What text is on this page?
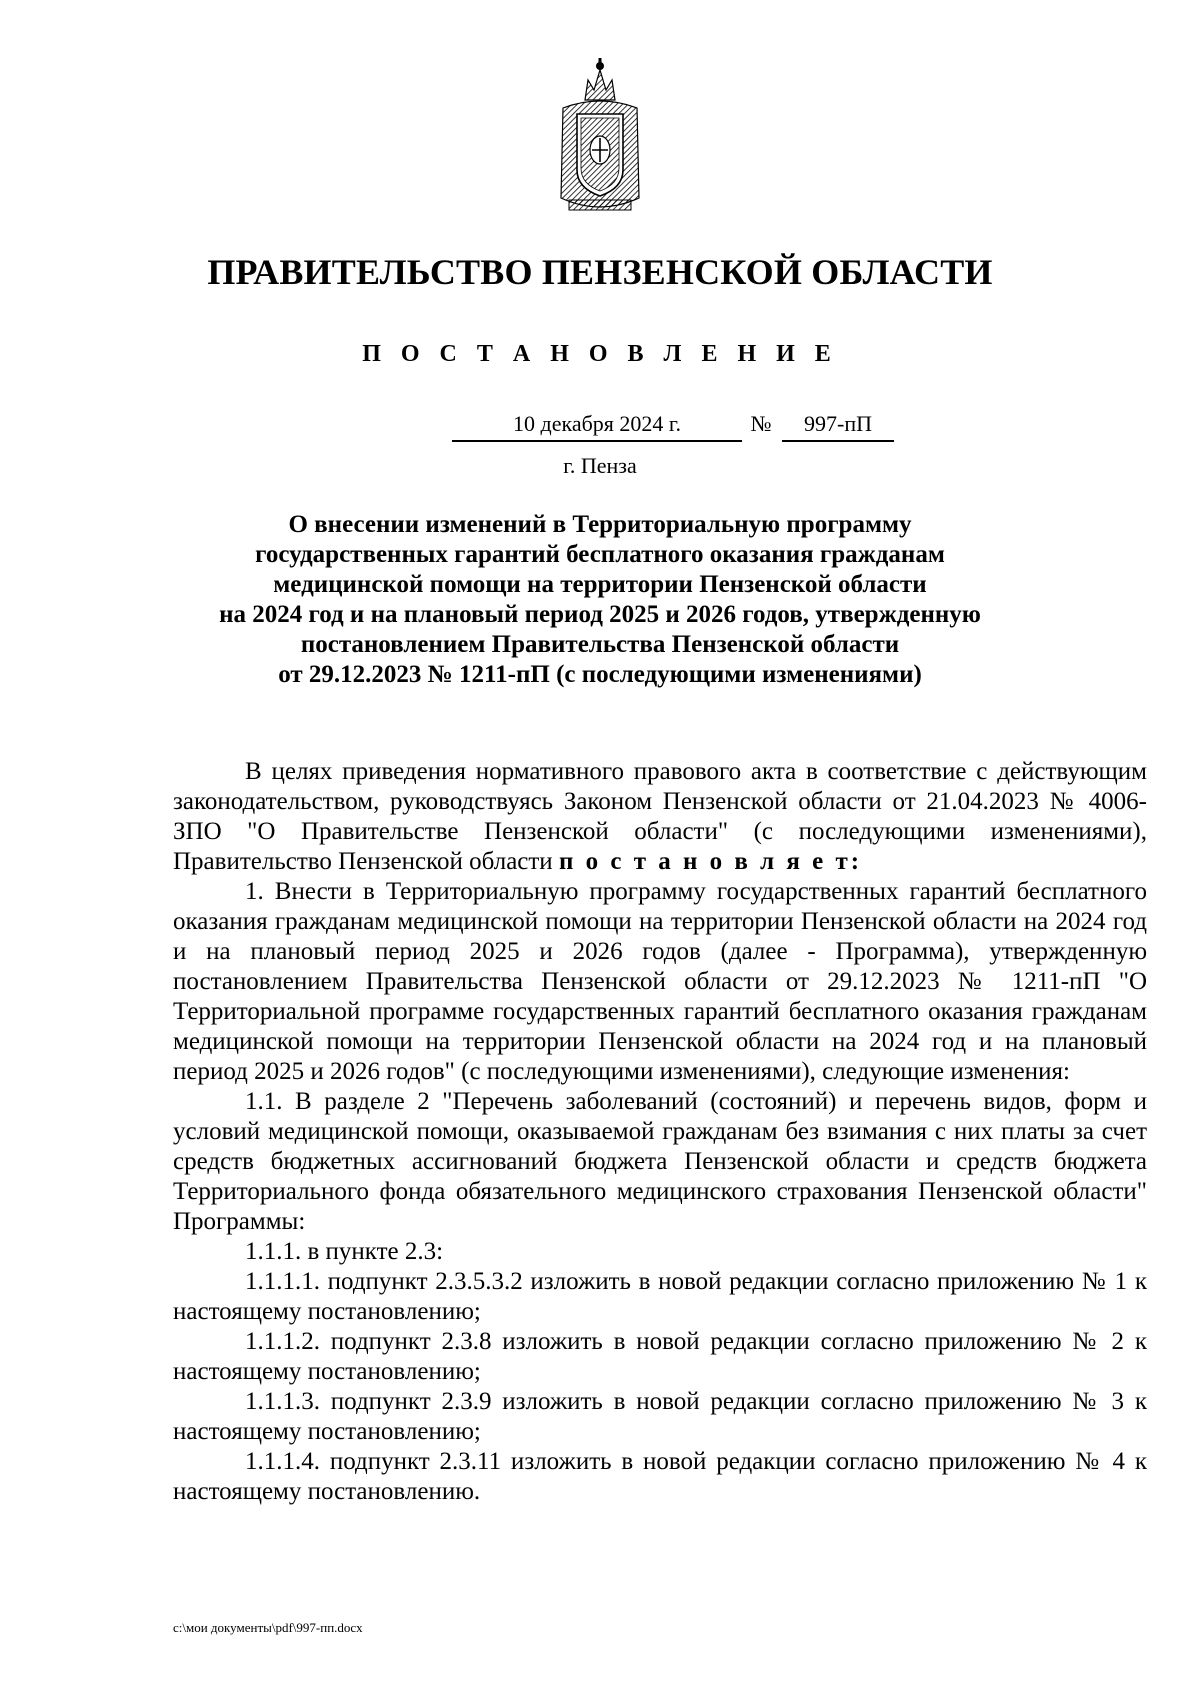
ПРАВИТЕЛЬСТВО ПЕНЗЕНСКОЙ ОБЛАСТИ
П О С Т А Н О В Л Е Н И Е
10 декабря 2024 г.	№	997-пП
г. Пенза
О внесении изменений в Территориальную программу
государственных гарантий бесплатного оказания гражданам
медицинской помощи на территории Пензенской области
на 2024 год и на плановый период 2025 и 2026 годов, утвержденную
постановлением Правительства Пензенской области
от 29.12.2023 № 1211-пП (с последующими изменениями)

В целях приведения нормативного правового акта в соответствие с действующим законодательством, руководствуясь Законом Пензенской области от 21.04.2023 № 4006-ЗПО "О Правительстве Пензенской области" (с последующими изменениями), Правительство Пензенской области п о с т а н о в л я е т:

1. Внести в Территориальную программу государственных гарантий бесплатного оказания гражданам медицинской помощи на территории Пензенской области на 2024 год и на плановый период 2025 и 2026 годов (далее - Программа), утвержденную постановлением Правительства Пензенской области от 29.12.2023 № 1211-пП "О Территориальной программе государственных гарантий бесплатного оказания гражданам медицинской помощи на территории Пензенской области на 2024 год и на плановый период 2025 и 2026 годов" (с последующими изменениями), следующие изменения:

1.1. В разделе 2 "Перечень заболеваний (состояний) и перечень видов, форм и условий медицинской помощи, оказываемой гражданам без взимания с них платы за счет средств бюджетных ассигнований бюджета Пензенской области и средств бюджета Территориального фонда обязательного медицинского страхования Пензенской области" Программы:

1.1.1. в пункте 2.3:

1.1.1.1. подпункт 2.3.5.3.2 изложить в новой редакции согласно приложению № 1 к настоящему постановлению;

1.1.1.2. подпункт 2.3.8 изложить в новой редакции согласно приложению № 2 к настоящему постановлению;

1.1.1.3. подпункт 2.3.9 изложить в новой редакции согласно приложению № 3 к настоящему постановлению;

1.1.1.4. подпункт 2.3.11 изложить в новой редакции согласно приложению № 4 к настоящему постановлению.

c:\мои документы\pdf\997-пп.docx
